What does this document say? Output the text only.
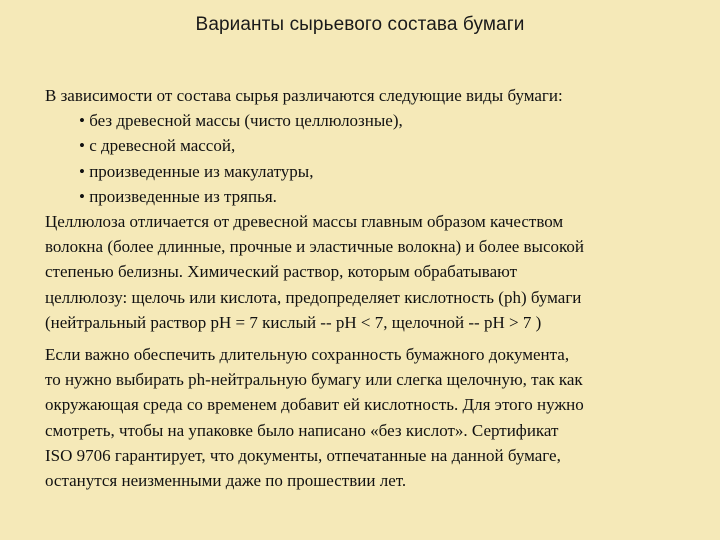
Варианты сырьевого состава бумаги
В зависимости от состава сырья различаются следующие виды бумаги:
• без древесной массы (чисто целлюлозные),
• с древесной массой,
• произведенные из макулатуры,
• произведенные из тряпья.
Целлюлоза отличается от древесной массы главным образом качеством
волокна (более длинные, прочные и эластичные волокна) и более высокой
степенью белизны. Химический раствор, которым обрабатывают
целлюлозу: щелочь или кислота, предопределяет кислотность (ph) бумаги
(нейтральный раствор pH = 7 кислый -- pH < 7, щелочной -- pH > 7 )
Если важно обеспечить длительную сохранность бумажного документа,
то нужно выбирать ph-нейтральную бумагу или слегка щелочную, так как
окружающая среда со временем добавит ей кислотность. Для этого нужно
смотреть, чтобы на упаковке было написано «без кислот». Сертификат
ISO 9706 гарантирует, что документы, отпечатанные на данной бумаге,
останутся неизменными даже по прошествии лет.
